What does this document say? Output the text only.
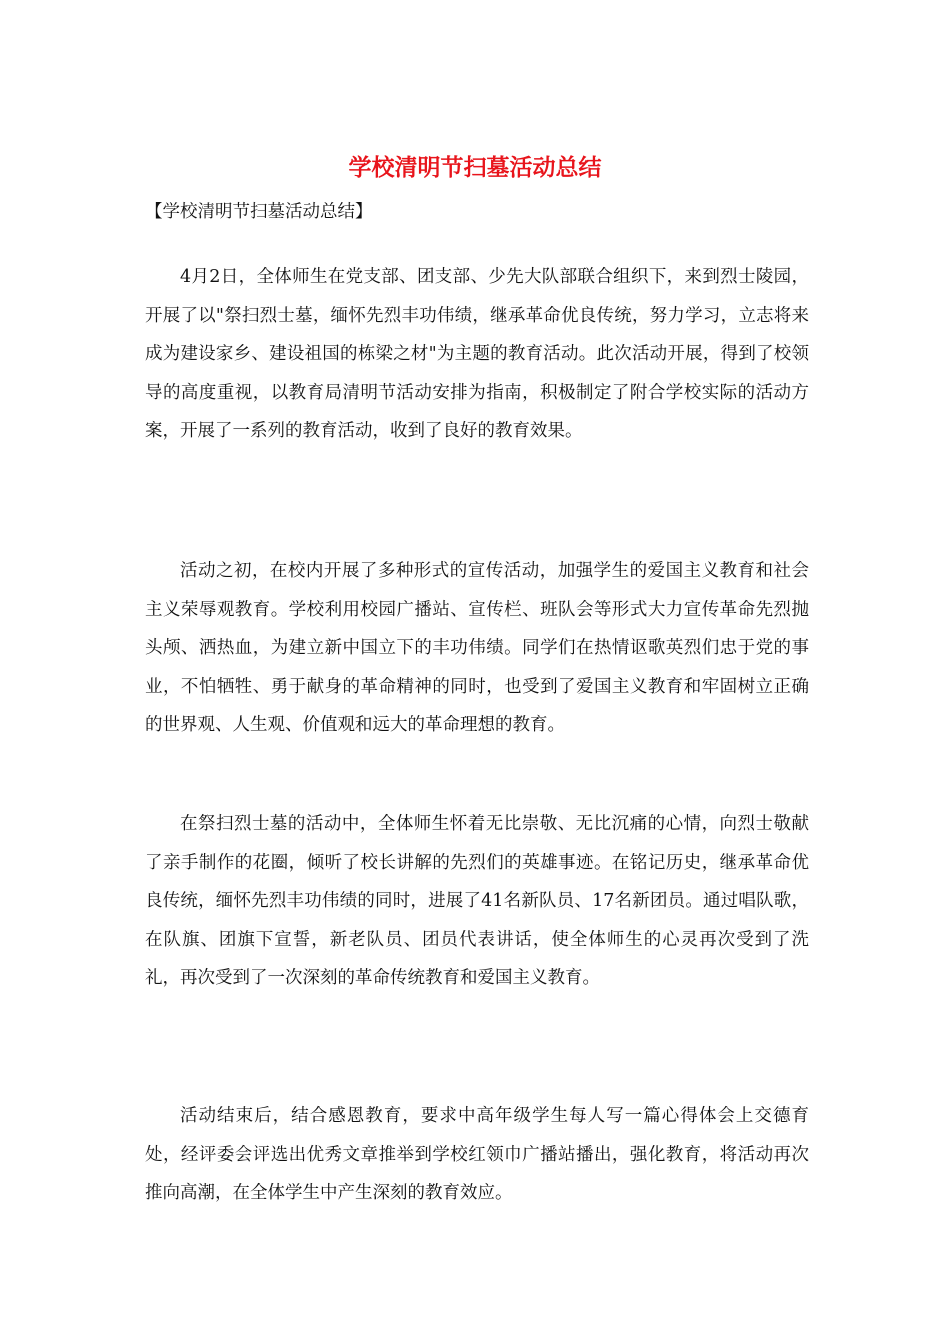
学校清明节扫墓活动总结

【学校清明节扫墓活动总结】

4月2日，全体师生在党支部、团支部、少先大队部联合组织下，来到烈士陵园，开展了以"祭扫烈士墓，缅怀先烈丰功伟绩，继承革命优良传统，努力学习，立志将来成为建设家乡、建设祖国的栋梁之材"为主题的教育活动。此次活动开展，得到了校领导的高度重视，以教育局清明节活动安排为指南，积极制定了附合学校实际的活动方案，开展了一系列的教育活动，收到了良好的教育效果。

活动之初，在校内开展了多种形式的宣传活动，加强学生的爱国主义教育和社会主义荣辱观教育。学校利用校园广播站、宣传栏、班队会等形式大力宣传革命先烈抛头颅、洒热血，为建立新中国立下的丰功伟绩。同学们在热情讴歌英烈们忠于党的事业，不怕牺牲、勇于献身的革命精神的同时，也受到了爱国主义教育和牢固树立正确的世界观、人生观、价值观和远大的革命理想的教育。

在祭扫烈士墓的活动中，全体师生怀着无比崇敬、无比沉痛的心情，向烈士敬献了亲手制作的花圈，倾听了校长讲解的先烈们的英雄事迹。在铭记历史，继承革命优良传统，缅怀先烈丰功伟绩的同时，进展了41名新队员、17名新团员。通过唱队歌，在队旗、团旗下宣誓，新老队员、团员代表讲话，使全体师生的心灵再次受到了洗礼，再次受到了一次深刻的革命传统教育和爱国主义教育。

活动结束后，结合感恩教育，要求中高年级学生每人写一篇心得体会上交德育处，经评委会评选出优秀文章推举到学校红领巾广播站播出，强化教育，将活动再次推向高潮，在全体学生中产生深刻的教育效应。
